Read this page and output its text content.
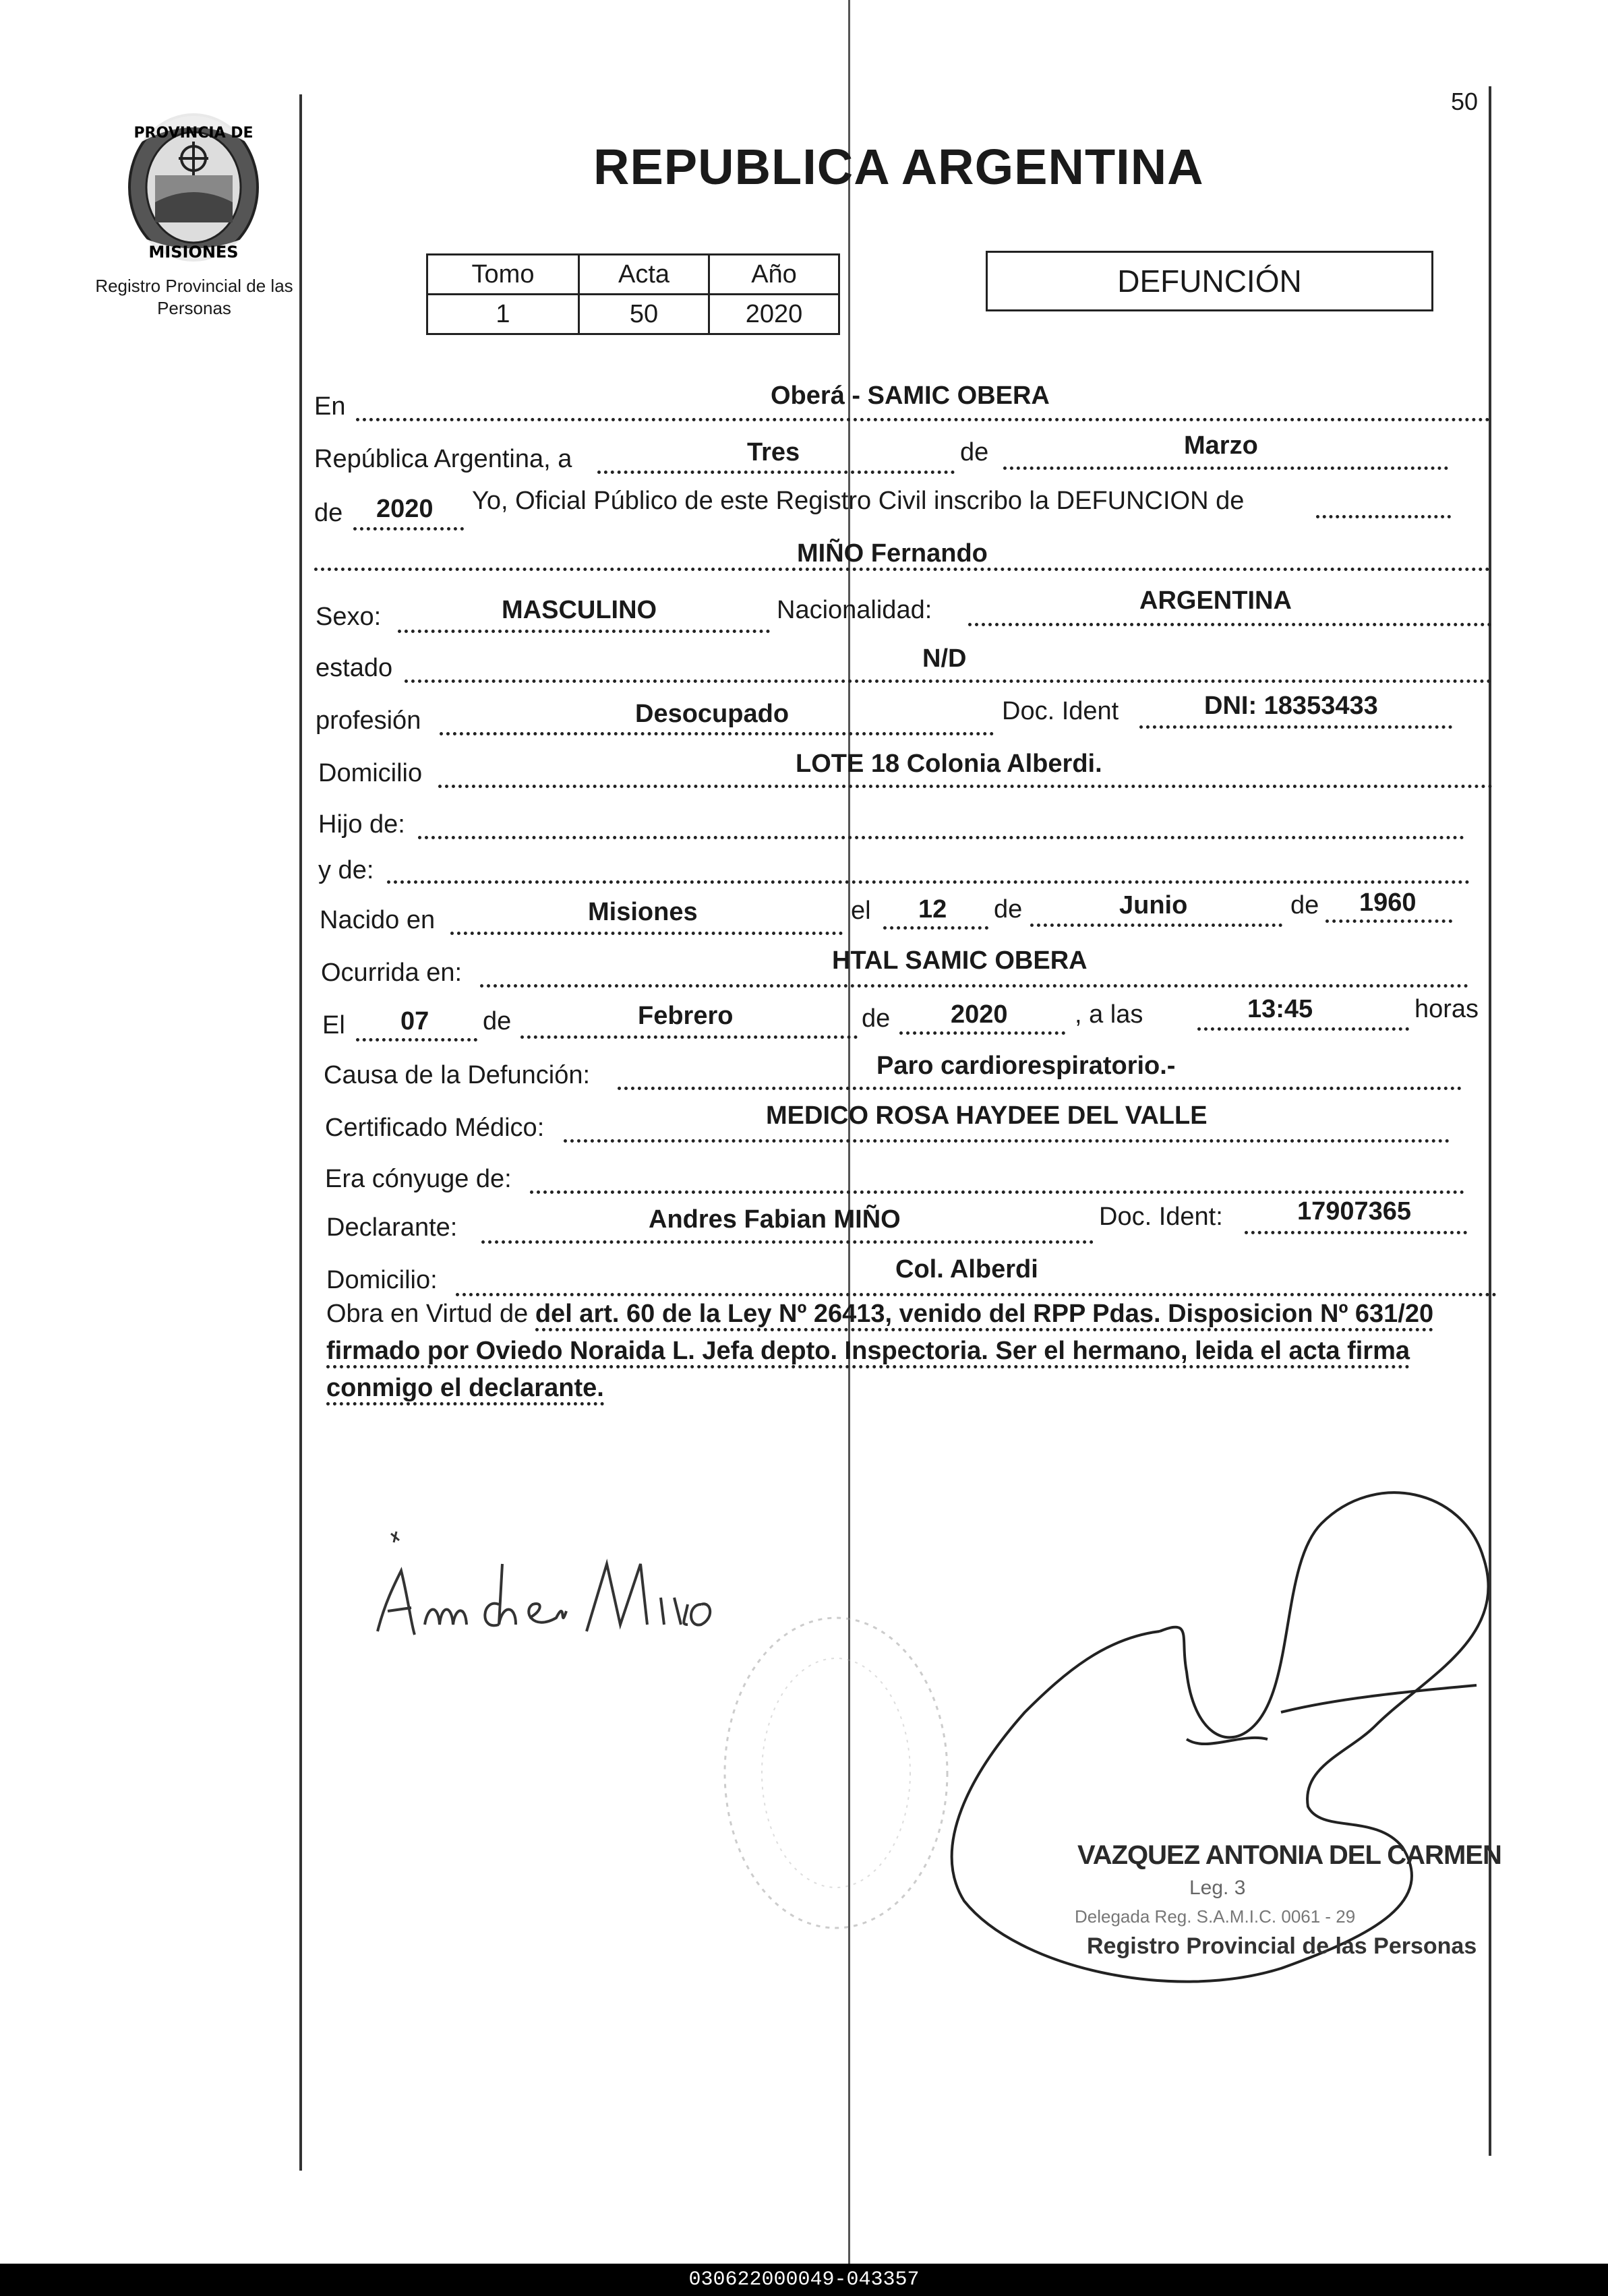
PROVINCIA DE
MISIONES
Registro Provincial de las Personas
50
REPUBLICA ARGENTINA
Tomo	Acta	Año
1	50	2020
DEFUNCIÓN
En	Oberá - SAMIC OBERA
República Argentina, a	Tres	de	Marzo
de 2020 Yo, Oficial Público de este Registro Civil inscribo la DEFUNCION de
MIÑO Fernando
Sexo:	MASCULINO	Nacionalidad:	ARGENTINA
estado	N/D
profesión	Desocupado	Doc. Ident	DNI: 18353433
Domicilio	LOTE 18 Colonia Alberdi.
Hijo de:
y de:
Nacido en	Misiones	el 12 de	Junio	de 1960
Ocurrida en:	HTAL SAMIC OBERA
El 07 de	Febrero	de 2020	, a las	13:45	horas
Causa de la Defunción:	Paro cardiorespiratorio.-
Certificado Médico:	MEDICO ROSA HAYDEE DEL VALLE
Era cónyuge de:
Declarante:	Andres Fabian MIÑO	Doc. Ident:	17907365
Domicilio:	Col. Alberdi
Obra en Virtud de del art. 60 de la Ley Nº 26413, venido del RPP Pdas. Disposicion Nº 631/20 firmado por Oviedo Noraida L. Jefa depto. Inspectoria. Ser el hermano, leida el acta firma conmigo el declarante.
VAZQUEZ ANTONIA DEL CARMEN
Leg. 3
Delegada Reg. S.A.M.I.C. 0061 - 29
Registro Provincial de las Personas
030622000049-043357
